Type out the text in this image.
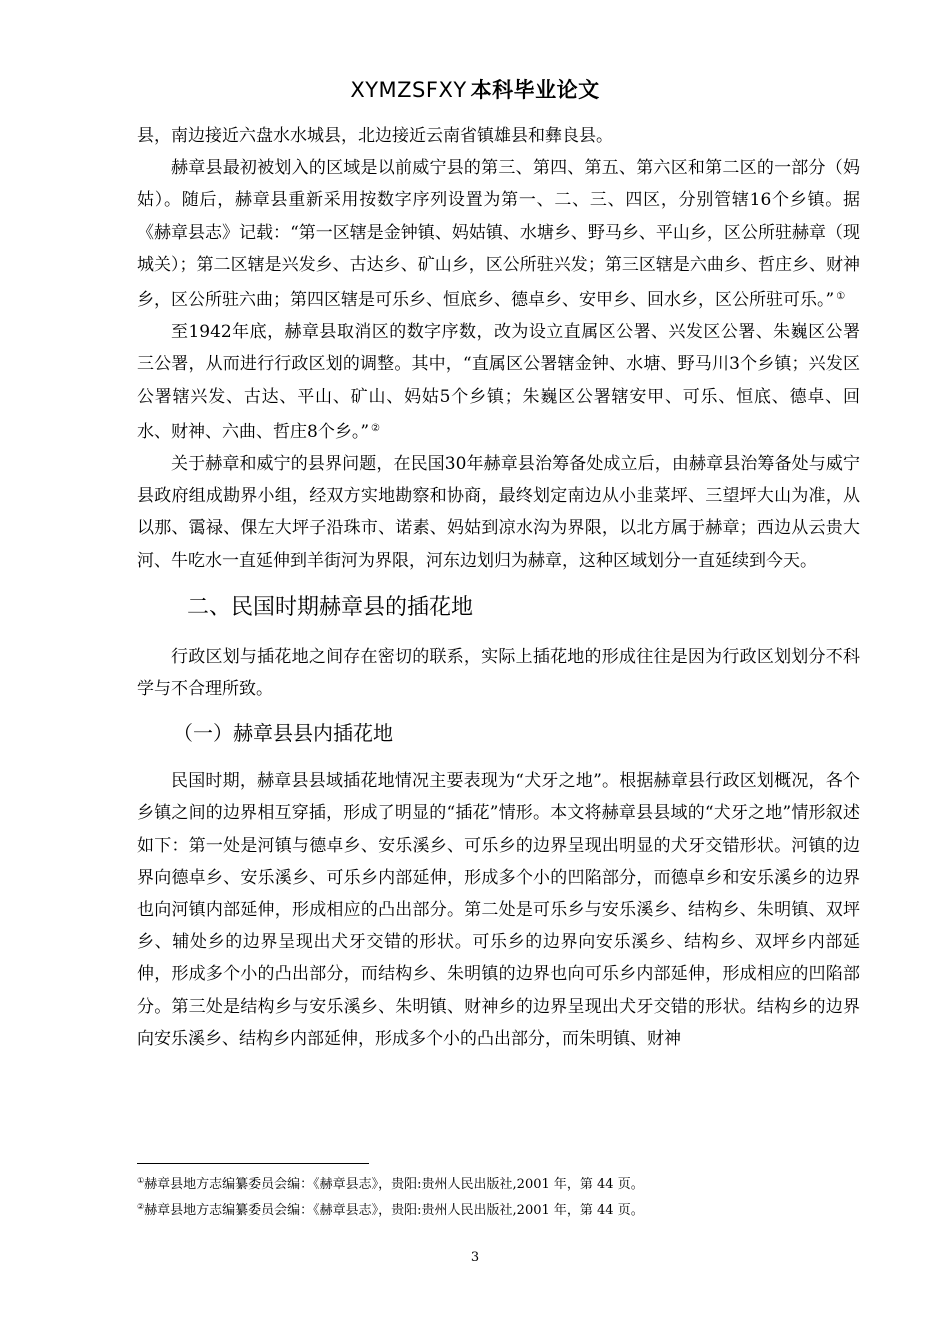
XYMZSFXY 本科毕业论文

县，南边接近六盘水水城县，北边接近云南省镇雄县和彝良县。

赫章县最初被划入的区域是以前威宁县的第三、第四、第五、第六区和第二区的一部分（妈姑）。随后，赫章县重新采用按数字序列设置为第一、二、三、四区，分别管辖16个乡镇。据《赫章县志》记载：“第一区辖是金钟镇、妈姑镇、水塘乡、野马乡、平山乡，区公所驻赫章（现城关）；第二区辖是兴发乡、古达乡、矿山乡，区公所驻兴发；第三区辖是六曲乡、哲庄乡、财神乡，区公所驻六曲；第四区辖是可乐乡、恒底乡、德卓乡、安甲乡、回水乡，区公所驻可乐。” ①

至1942年底，赫章县取消区的数字序数，改为设立直属区公署、兴发区公署、朱巍区公署三公署，从而进行行政区划的调整。其中，“直属区公署辖金钟、水塘、野马川3个乡镇；兴发区公署辖兴发、古达、平山、矿山、妈姑5个乡镇；朱巍区公署辖安甲、可乐、恒底、德卓、回水、财神、六曲、哲庄8个乡。” ②

关于赫章和威宁的县界问题，在民国30年赫章县治筹备处成立后，由赫章县治筹备处与威宁县政府组成勘界小组，经双方实地勘察和协商，最终划定南边从小韭菜坪、三望坪大山为准，从以那、霭禄、倮左大坪子沿珠市、诺素、妈姑到凉水沟为界限，以北方属于赫章；西边从云贵大河、牛吃水一直延伸到羊街河为界限，河东边划归为赫章，这种区域划分一直延续到今天。

二、民国时期赫章县的插花地

行政区划与插花地之间存在密切的联系，实际上插花地的形成往往是因为行政区划划分不科学与不合理所致。

（一）赫章县县内插花地

民国时期，赫章县县域插花地情况主要表现为“犬牙之地”。根据赫章县行政区划概况，各个乡镇之间的边界相互穿插，形成了明显的“插花”情形。本文将赫章县县域的“犬牙之地”情形叙述如下：第一处是河镇与德卓乡、安乐溪乡、可乐乡的边界呈现出明显的犬牙交错形状。河镇的边界向德卓乡、安乐溪乡、可乐乡内部延伸，形成多个小的凹陷部分，而德卓乡和安乐溪乡的边界也向河镇内部延伸，形成相应的凸出部分。第二处是可乐乡与安乐溪乡、结构乡、朱明镇、双坪乡、辅处乡的边界呈现出犬牙交错的形状。可乐乡的边界向安乐溪乡、结构乡、双坪乡内部延伸，形成多个小的凸出部分，而结构乡、朱明镇的边界也向可乐乡内部延伸，形成相应的凹陷部分。第三处是结构乡与安乐溪乡、朱明镇、财神乡的边界呈现出犬牙交错的形状。结构乡的边界向安乐溪乡、结构乡内部延伸，形成多个小的凸出部分，而朱明镇、财神

①赫章县地方志编纂委员会编：《赫章县志》，贵阳:贵州人民出版社,2001 年，第 44 页。
②赫章县地方志编纂委员会编：《赫章县志》，贵阳:贵州人民出版社,2001 年，第 44 页。
3
